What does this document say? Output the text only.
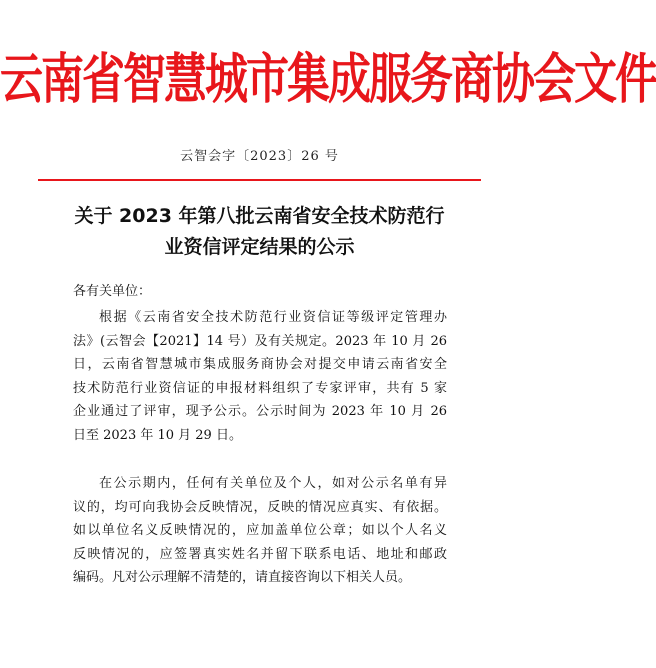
云南省智慧城市集成服务商协会文件
云智会字〔2023〕26 号
关于 2023 年第八批云南省安全技术防范行
业资信评定结果的公示
各有关单位：
根据《云南省安全技术防范行业资信证等级评定管理办
法》(云智会【2021】14 号）及有关规定。2023 年 10 月 26
日，云南省智慧城市集成服务商协会对提交申请云南省安全
技术防范行业资信证的申报材料组织了专家评审，共有 5 家
企业通过了评审，现予公示。公示时间为 2023 年 10 月 26
日至 2023 年 10 月 29 日。
在公示期内，任何有关单位及个人，如对公示名单有异
议的，均可向我协会反映情况，反映的情况应真实、有依据。
如以单位名义反映情况的，应加盖单位公章；如以个人名义
反映情况的，应签署真实姓名并留下联系电话、地址和邮政
编码。凡对公示理解不清楚的，请直接咨询以下相关人员。
